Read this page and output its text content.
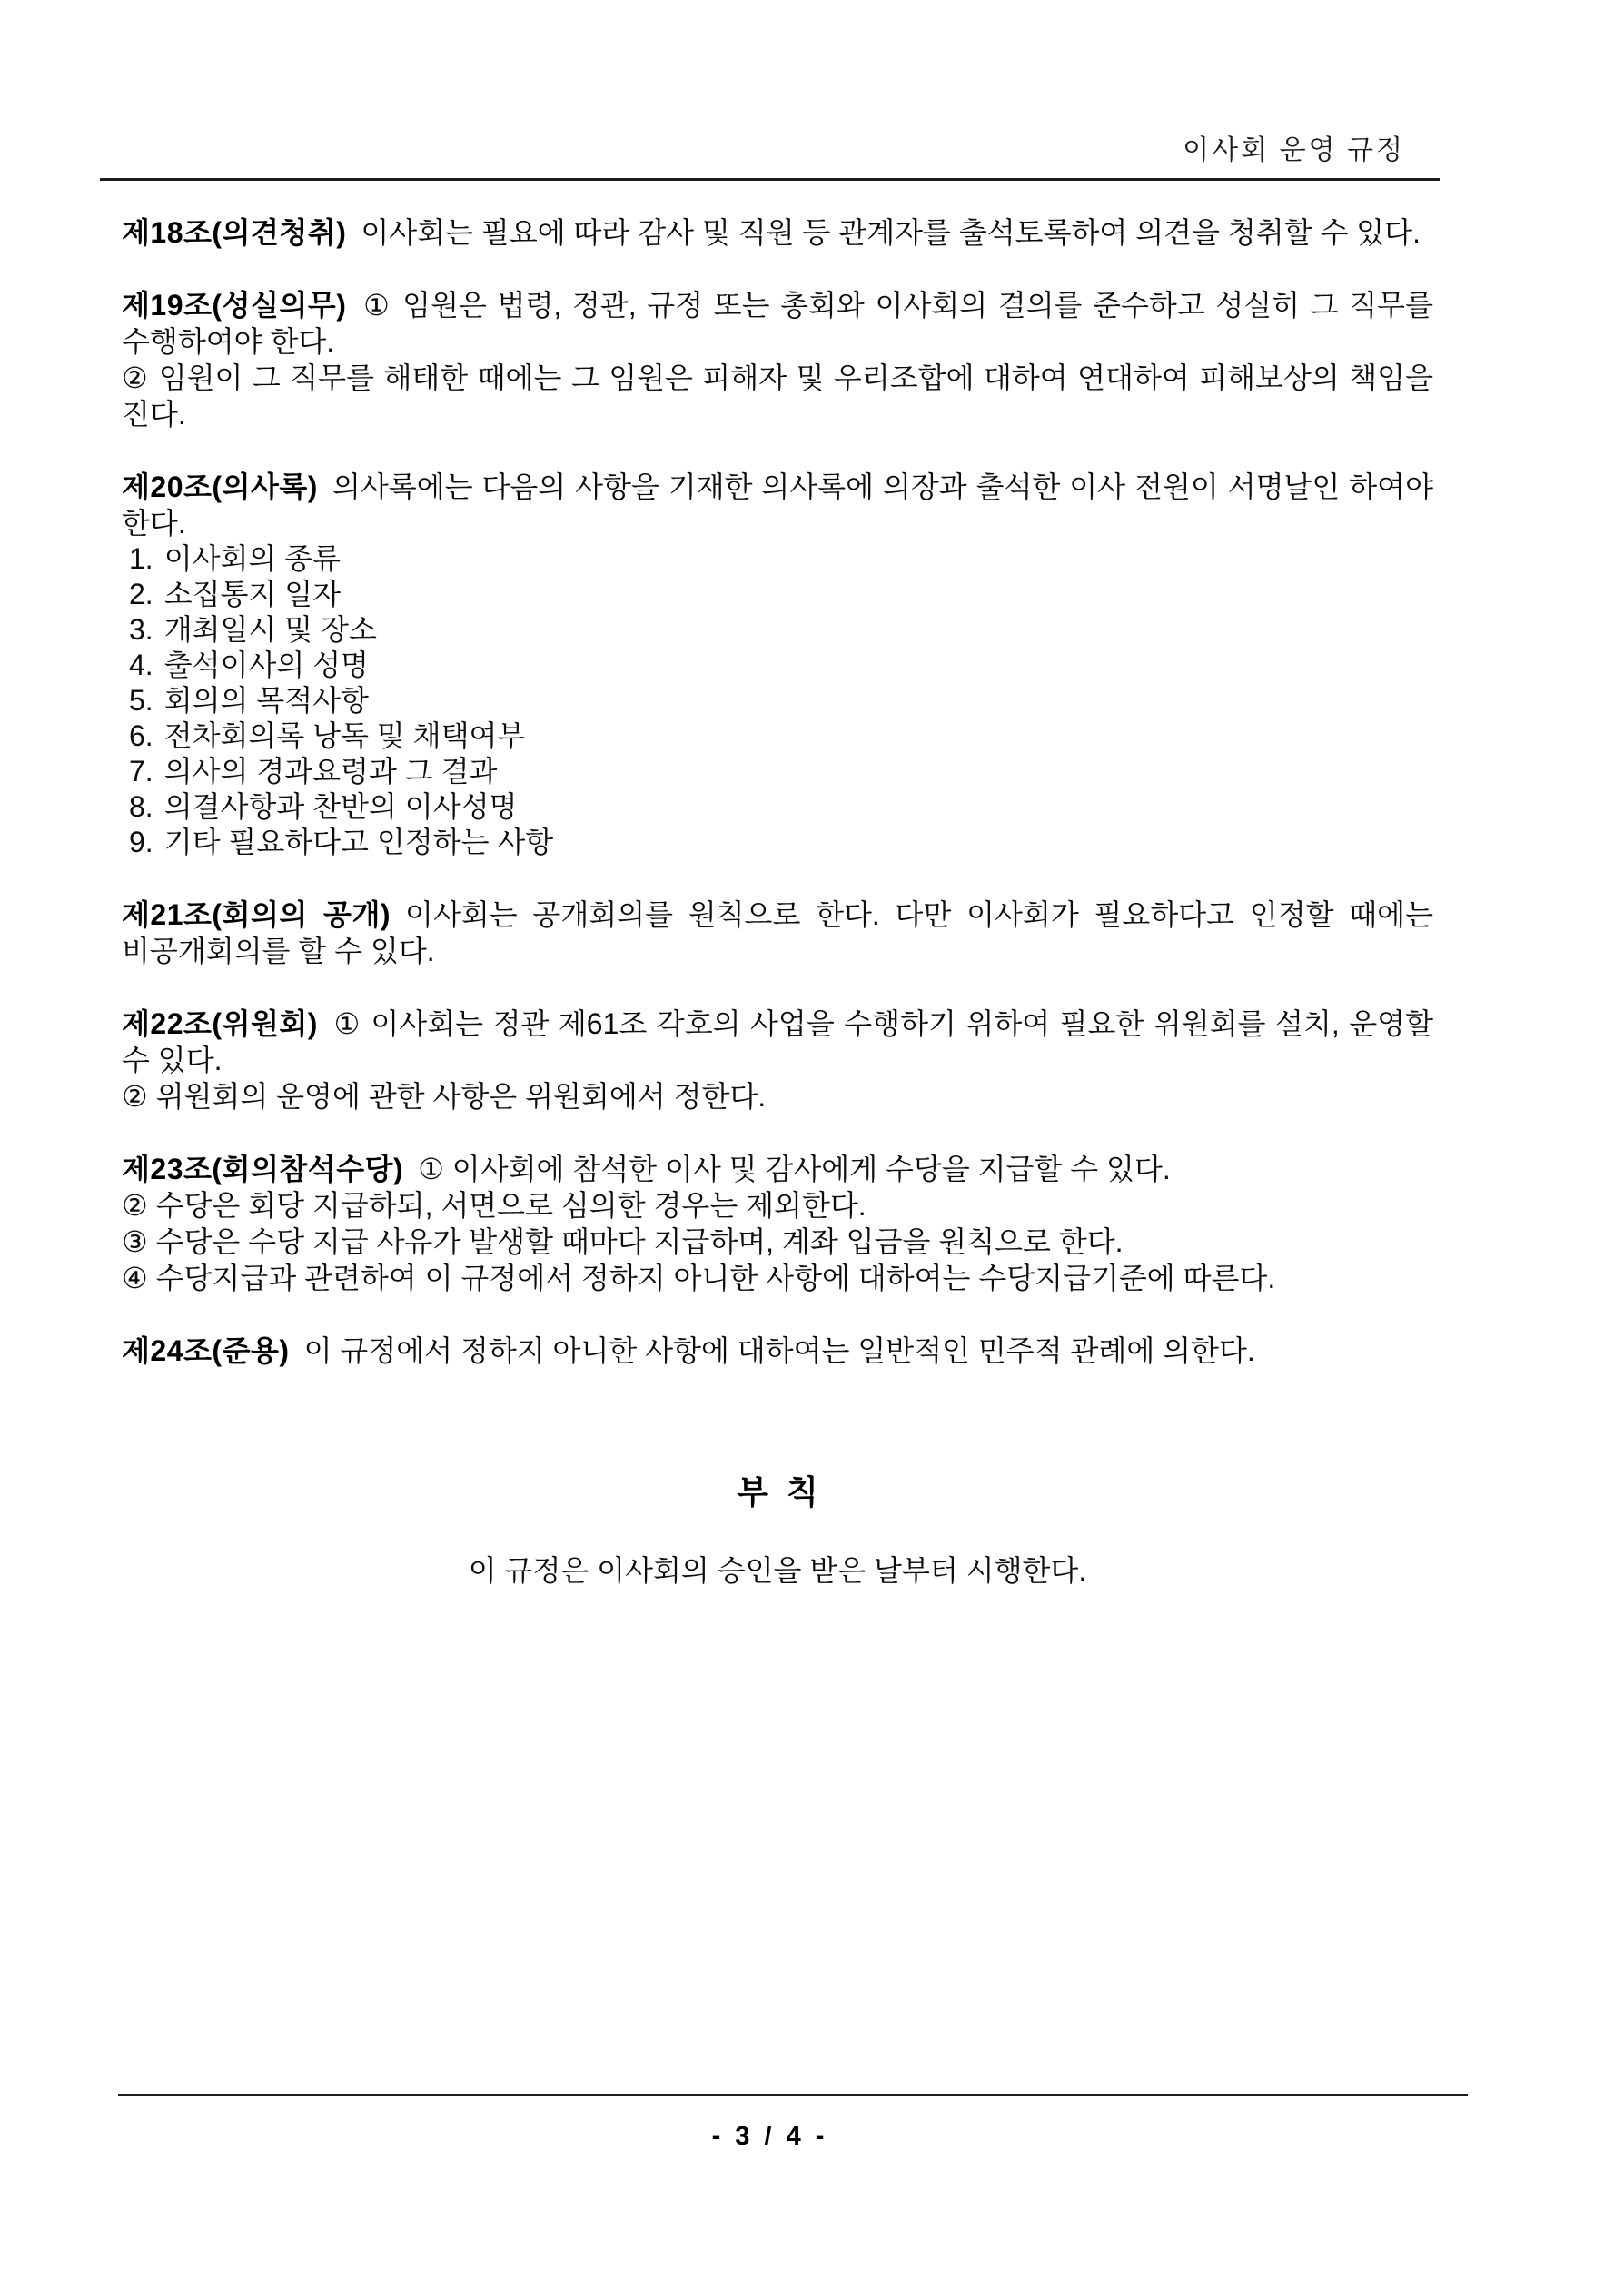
이사회 운영 규정

제18조(의견청취) 이사회는 필요에 따라 감사 및 직원 등 관계자를 출석토록하여 의견을 청취할 수 있다.

제19조(성실의무) ① 임원은 법령, 정관, 규정 또는 총회와 이사회의 결의를 준수하고 성실히 그 직무를 수행하여야 한다.

② 임원이 그 직무를 해태한 때에는 그 임원은 피해자 및 우리조합에 대하여 연대하여 피해보상의 책임을 진다.

제20조(의사록) 의사록에는 다음의 사항을 기재한 의사록에 의장과 출석한 이사 전원이 서명날인 하여야 한다.

1. 이사회의 종류
2. 소집통지 일자
3. 개최일시 및 장소
4. 출석이사의 성명
5. 회의의 목적사항
6. 전차회의록 낭독 및 채택여부
7. 의사의 경과요령과 그 결과
8. 의결사항과 찬반의 이사성명
9. 기타 필요하다고 인정하는 사항

제21조(회의의 공개) 이사회는 공개회의를 원칙으로 한다. 다만 이사회가 필요하다고 인정할 때에는 비공개회의를 할 수 있다.

제22조(위원회) ① 이사회는 정관 제61조 각호의 사업을 수행하기 위하여 필요한 위원회를 설치, 운영할 수 있다.

② 위원회의 운영에 관한 사항은 위원회에서 정한다.

제23조(회의참석수당) ① 이사회에 참석한 이사 및 감사에게 수당을 지급할 수 있다.

② 수당은 회당 지급하되, 서면으로 심의한 경우는 제외한다.

③ 수당은 수당 지급 사유가 발생할 때마다 지급하며, 계좌 입금을 원칙으로 한다.

④ 수당지급과 관련하여 이 규정에서 정하지 아니한 사항에 대하여는 수당지급기준에 따른다.

제24조(준용) 이 규정에서 정하지 아니한 사항에 대하여는 일반적인 민주적 관례에 의한다.

부  칙
이 규정은 이사회의 승인을 받은 날부터 시행한다.
- 3 / 4 -
